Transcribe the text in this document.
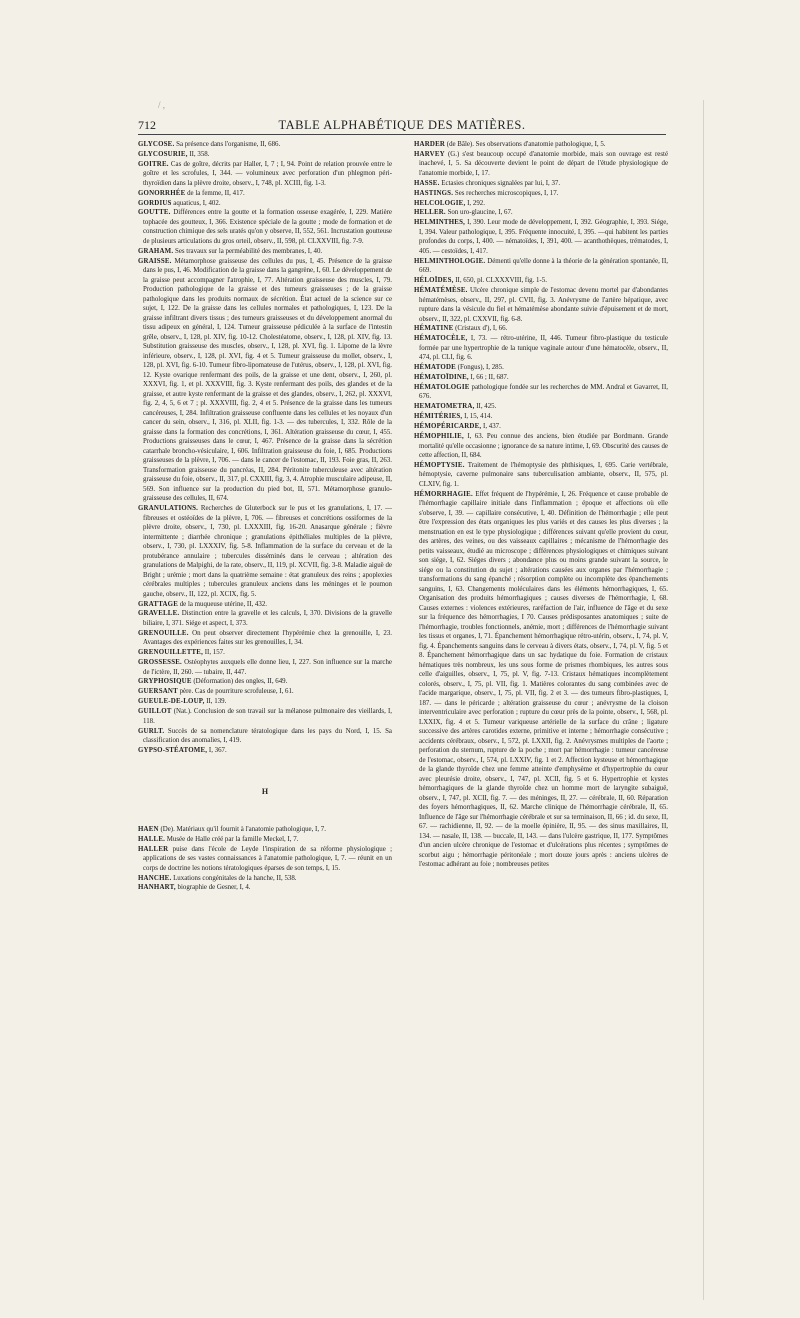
/ ,
712	TABLE ALPHABÉTIQUE DES MATIÈRES.

GLYCOSE. Sa présence dans l'organisme, II, 686.

GLYCOSURIE, II, 358.

GOITRE. Cas de goître, décrits par Haller, I, 7 ; I, 94. Point de relation prouvée entre le goître et les scrofules, I, 344. — volumineux avec perforation d'un phlegmon péri-thyroïdien dans la plèvre droite, observ., I, 748, pl. XCIII, fig. 1-3.

GONORRHÉE de la femme, II, 417.

GORDIUS aquaticus, I, 402.

GOUTTE. Différences entre la goutte et la formation osseuse exagérée, I, 229. Matière tophacée des goutteux, I, 366. Existence spéciale de la goutte ; mode de formation et de construction chimique des sels uratés qu'on y observe, II, 552, 561. Incrustation goutteuse de plusieurs articulations du gros orteil, observ., II, 598, pl. CLXXVIII, fig. 7-9.

GRAHAM. Ses travaux sur la perméabilité des membranes, I, 40.

GRAISSE. Métamorphose graisseuse des cellules du pus, I, 45. Présence de la graisse dans le pus, I, 46. Modification de la graisse dans la gangrène, I, 60. Le développement de la graisse peut accompagner l'atrophie, I, 77. Altération graisseuse des muscles, I, 79. Production pathologique de la graisse et des tumeurs graisseuses ; de la graisse pathologique dans les produits normaux de sécrétion. État actuel de la science sur ce sujet, I, 122. De la graisse dans les cellules normales et pathologiques, I, 123. De la graisse infiltrant divers tissus ; des tumeurs graisseuses et du développement anormal du tissu adipeux en général, I, 124. Tumeur graisseuse pédiculée à la surface de l'intestin grêle, observ., I, 128, pl. XIV, fig. 10-12. Cholestéatome, observ., I, 128, pl. XIV, fig. 13. Substitution graisseuse des muscles, observ., I, 128, pl. XVI, fig. 1. Lipome de la lèvre inférieure, observ., I, 128, pl. XVI, fig. 4 et 5. Tumeur graisseuse du mollet, observ., I, 128, pl. XVI, fig. 6-10. Tumeur fibro-lipomateuse de l'utérus, observ., I, 128, pl. XVI, fig. 12. Kyste ovarique renfermant des poils, de la graisse et une dent, observ., I, 260, pl. XXXVI, fig. 1, et pl. XXXVIII, fig. 3. Kyste renfermant des poils, des glandes et de la graisse, et autre kyste renfermant de la graisse et des glandes, observ., I, 262, pl. XXXVI, fig. 2, 4, 5, 6 et 7 ; pl. XXXVIII, fig. 2, 4 et 5. Présence de la graisse dans les tumeurs cancéreuses, I, 284. Infiltration graisseuse confluente dans les cellules et les noyaux d'un cancer du sein, observ., I, 316, pl. XLII, fig. 1-3. — des tubercules, I, 332. Rôle de la graisse dans la formation des concrétions, I, 361. Altération graisseuse du cœur, I, 455. Productions graisseuses dans le cœur, I, 467. Présence de la graisse dans la sécrétion catarrhale broncho-vésiculaire, I, 606. Infiltration graisseuse du foie, I, 685. Productions graisseuses de la plèvre, I, 706. — dans le cancer de l'estomac, II, 193. Foie gras, II, 263. Transformation graisseuse du pancréas, II, 284. Péritonite tuberculeuse avec altération graisseuse du foie, observ., II, 317, pl. CXXIII, fig. 3, 4. Atrophie musculaire adipeuse, II, 569. Son influence sur la production du pied bot, II, 571. Métamorphose granulo-graisseuse des cellules, II, 674.

GRANULATIONS. Recherches de Gluterbock sur le pus et les granulations, I, 17. — fibreuses et ostéoïdes de la plèvre, I, 706. — fibreuses et concrétions ossiformes de la plèvre droite, observ., I, 730, pl. LXXXIII, fig. 16-20. Anasarque générale ; fièvre intermittente ; diarrhée chronique ; granulations épithéliales multiples de la plèvre, observ., I, 730, pl. LXXXIV, fig. 5-8. Inflammation de la surface du cerveau et de la protubérance annulaire ; tubercules disséminés dans le cerveau ; altération des granulations de Malpighi, de la rate, observ., II, 119, pl. XCVII, fig. 3-8. Maladie aiguë de Bright ; urémie ; mort dans la quatrième semaine : état granuleux des reins ; apoplexies cérébrales multiples ; tubercules granuleux anciens dans les méninges et le poumon gauche, observ., II, 122, pl. XCIX, fig. 5.

GRATTAGE de la muqueuse utérine, II, 432.

GRAVELLE. Distinction entre la gravelle et les calculs, I, 370. Divisions de la gravelle biliaire, I, 371. Siége et aspect, I, 373.

GRENOUILLE. On peut observer directement l'hypérémie chez la grenouille, I, 23. Avantages des expériences faites sur les grenouilles, I, 34.

GRENOUILLETTE, II, 157.

GROSSESSE. Ostéophytes auxquels elle donne lieu, I, 227. Son influence sur la marche de l'ictère, II, 260. — tubaire, II, 447.

GRYPHOSIQUE (Déformation) des ongles, II, 649.

GUERSANT père. Cas de pourriture scrofuleuse, I, 61.

GUEULE-DE-LOUP, II, 139.

GUILLOT (Nat.). Conclusion de son travail sur la mélanose pulmonaire des vieillards, I, 118.

GURLT. Succès de sa nomenclature tératologique dans les pays du Nord, I, 15. Sa classification des anomalies, I, 419.

GYPSO-STÉATOME, I, 367.

H

HAEN (De). Matériaux qu'il fournit à l'anatomie pathologique, I, 7.

HALLE. Musée de Halle créé par la famille Meckel, I, 7.

HALLER puise dans l'école de Leyde l'inspiration de sa réforme physiologique ; applications de ses vastes connaissances à l'anatomie pathologique, I, 7. — réunit en un corps de doctrine les notions tératologiques éparses de son temps, I, 15.

HANCHE. Luxations congénitales de la hanche, II, 538.

HANHART, biographie de Gesner, I, 4.

HARDER (de Bâle). Ses observations d'anatomie pathologique, I, 5.

HARVEY (G.) s'est beaucoup occupé d'anatomie morbide, mais son ouvrage est resté inachevé, I, 5. Sa découverte devient le point de départ de l'étude physiologique de l'anatomie morbide, I, 17.

HASSE. Ectasies chroniques signalées par lui, I, 37.

HASTINGS. Ses recherches microscopiques, I, 17.

HELCOLOGIE, I, 292.

HELLER. Son uro-glaucine, I, 67.

HELMINTHES, I, 390. Leur mode de développement, I, 392. Géographie, I, 393. Siége, I, 394. Valeur pathologique, I, 395. Fréquente innocuité, I, 395. —qui habitent les parties profondes du corps, I, 400. — nématoïdes, I, 391, 400. — acanthothèques, trématodes, I, 405. — cestoïdes, I, 417.

HELMINTHOLOGIE. Démenti qu'elle donne à la théorie de la génération spontanée, II, 669.

HÉLOÏDES, II, 650, pl. CLXXXVIII, fig. 1-5.

HÉMATÉMÈSE. Ulcère chronique simple de l'estomac devenu mortel par d'abondantes hématémèses, observ., II, 297, pl. CVII, fig. 3. Anévrysme de l'artère hépatique, avec rupture dans la vésicule du fiel et hématémèse abondante suivie d'épuisement et de mort, observ., II, 322, pl. CXXVII, fig. 6-8.

HÉMATINE (Cristaux d'), I, 66.

HÉMATOCÈLE, I, 73. — rétro-utérine, II, 446. Tumeur fibro-plastique du testicule formée par une hypertrophie de la tunique vaginale autour d'une hématocèle, observ., II, 474, pl. CLI, fig. 6.

HÉMATODE (Fongus), I, 285.

HÉMATOÏDINE, I, 66 ; II, 687.

HÉMATOLOGIE pathologique fondée sur les recherches de MM. Andral et Gavarret, II, 676.

HEMATOMETRA, II, 425.

HÉMITÉRIES, I, 15, 414.

HÉMOPÉRICARDE, I, 437.

HÉMOPHILIE, I, 63. Peu connue des anciens, bien étudiée par Bordmann. Grande mortalité qu'elle occasionne ; ignorance de sa nature intime, I, 69. Obscurité des causes de cette affection, II, 684.

HÉMOPTYSIE. Traitement de l'hémoptysie des phthisiques, I, 695. Carie vertébrale, hémoptysie, caverne pulmonaire sans tuberculisation ambiante, observ., II, 575, pl. CLXIV, fig. 1.

HÉMORRHAGIE. Effet fréquent de l'hypérémie, I, 26. Fréquence et cause probable de l'hémorrhagie capillaire initiale dans l'inflammation ; époque et affections où elle s'observe, I, 39. — capillaire consécutive, I, 40. Définition de l'hémorrhagie ; elle peut être l'expression des états organiques les plus variés et des causes les plus diverses ; la menstruation en est le type physiologique ; différences suivant qu'elle provient du cœur, des artères, des veines, ou des vaisseaux capillaires ; mécanisme de l'hémorrhagie des petits vaisseaux, étudié au microscope ; différences physiologiques et chimiques suivant son siége, I, 62. Siéges divers ; abondance plus ou moins grande suivant la source, le siége ou la constitution du sujet ; altérations causées aux organes par l'hémorrhagie ; transformations du sang épanché ; résorption complète ou incomplète des épanchements sanguins, I, 63. Changements moléculaires dans les éléments hémorrhagiques, I, 65. Organisation des produits hémorrhagiques ; causes diverses de l'hémorrhagie, I, 68. Causes externes : violences extérieures, raréfaction de l'air, influence de l'âge et du sexe sur la fréquence des hémorrhagies, I 70. Causes prédisposantes anatomiques ; suite de l'hémorrhagie, troubles fonctionnels, anémie, mort ; différences de l'hémorrhagie suivant les tissus et organes, I, 71. Épanchement hémorrhagique rétro-utérin, observ., I, 74, pl. V, fig. 4. Épanchements sanguins dans le cerveau à divers états, observ., I, 74, pl. V, fig. 5 et 8. Épanchement hémorrhagique dans un sac hydatique du foie. Formation de cristaux hématiques très nombreux, les uns sous forme de prismes rhombiques, les autres sous celle d'aiguilles, observ., I, 75, pl. V, fig. 7-13. Cristaux hématiques incomplètement colorés, observ., I, 75, pl. VII, fig. 1. Matières colorantes du sang combinées avec de l'acide margarique, observ., I, 75, pl. VII, fig. 2 et 3. — des tumeurs fibro-plastiques, I, 187. — dans le péricarde ; altération graisseuse du cœur ; anévrysme de la cloison interventriculaire avec perforation ; rupture du cœur près de la pointe, observ., I, 568, pl. LXXIX, fig. 4 et 5. Tumeur variqueuse artérielle de la surface du crâne ; ligature successive des artères carotides externe, primitive et interne ; hémorrhagie consécutive ; accidents cérébraux, observ., I, 572, pl. LXXII, fig. 2. Anévrysmes multiples de l'aorte ; perforation du sternum, rupture de la poche ; mort par hémorrhagie : tumeur cancéreuse de l'estomac, observ., I, 574, pl. LXXIV, fig. 1 et 2. Affection kysteuse et hémorrhagique de la glande thyroïde chez une femme atteinte d'emphysème et d'hypertrophie du cœur avec pleurésie droite, observ., I, 747, pl. XCII, fig. 5 et 6. Hypertrophie et kystes hémorrhagiques de la glande thyroïde chez un homme mort de laryngite subaiguë, observ., I, 747, pl. XCII, fig. 7. — des méninges, II, 27. — cérébrale, II, 60. Réparation des foyers hémorrhagiques, II, 62. Marche clinique de l'hémorrhagie cérébrale, II, 65. Influence de l'âge sur l'hémorrhagie cérébrale et sur sa terminaison, II, 66 ; id. du sexe, II, 67. — rachidienne, II, 92. — de la moelle épinière, II, 95. — des sinus maxillaires, II, 134. — nasale, II, 138. — buccale, II, 143. — dans l'ulcère gastrique, II, 177. Symptômes d'un ancien ulcère chronique de l'estomac et d'ulcérations plus récentes ; symptômes de scorbut aigu ; hémorrhagie péritonéale ; mort douze jours après : anciens ulcères de l'estomac adhérant au foie ; nombreuses petites
